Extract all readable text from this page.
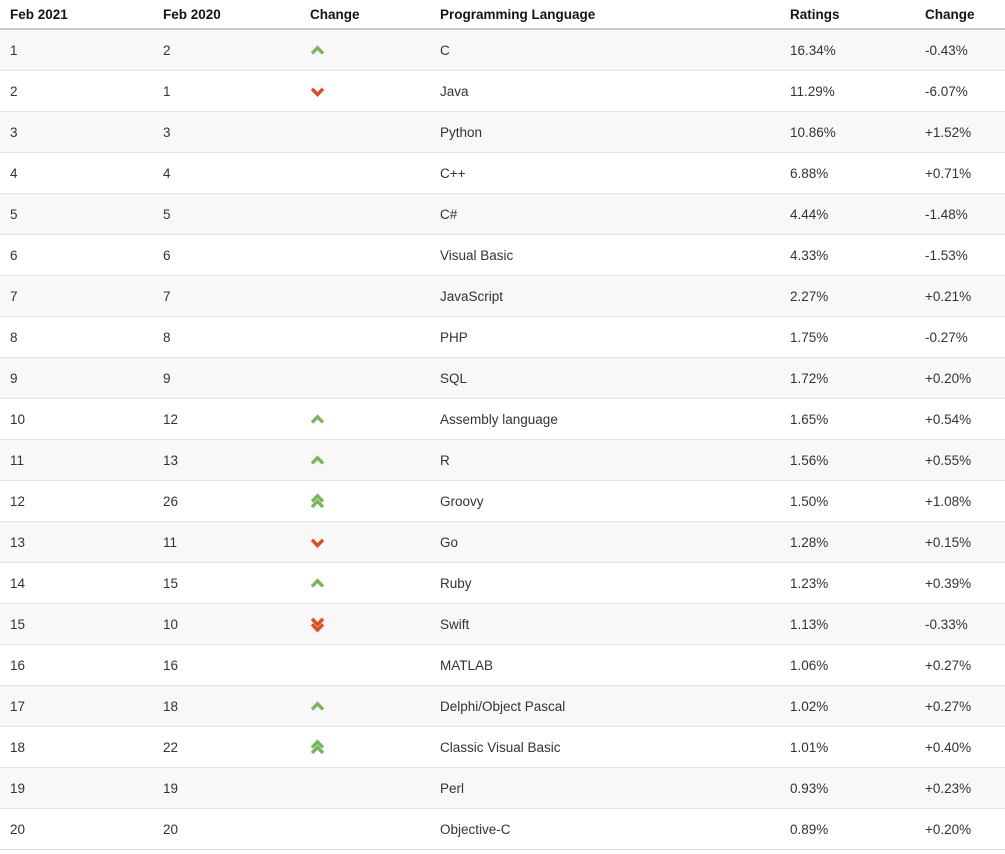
Feb 2021	Feb 2020	Change	Programming Language	Ratings	Change
1	2		C	16.34%	-0.43%
2	1		Java	11.29%	-6.07%
3	3		Python	10.86%	+1.52%
4	4		C++	6.88%	+0.71%
5	5		C#	4.44%	-1.48%
6	6		Visual Basic	4.33%	-1.53%
7	7		JavaScript	2.27%	+0.21%
8	8		PHP	1.75%	-0.27%
9	9		SQL	1.72%	+0.20%
10	12		Assembly language	1.65%	+0.54%
11	13		R	1.56%	+0.55%
12	26		Groovy	1.50%	+1.08%
13	11		Go	1.28%	+0.15%
14	15		Ruby	1.23%	+0.39%
15	10		Swift	1.13%	-0.33%
16	16		MATLAB	1.06%	+0.27%
17	18		Delphi/Object Pascal	1.02%	+0.27%
18	22		Classic Visual Basic	1.01%	+0.40%
19	19		Perl	0.93%	+0.23%
20	20		Objective-C	0.89%	+0.20%
